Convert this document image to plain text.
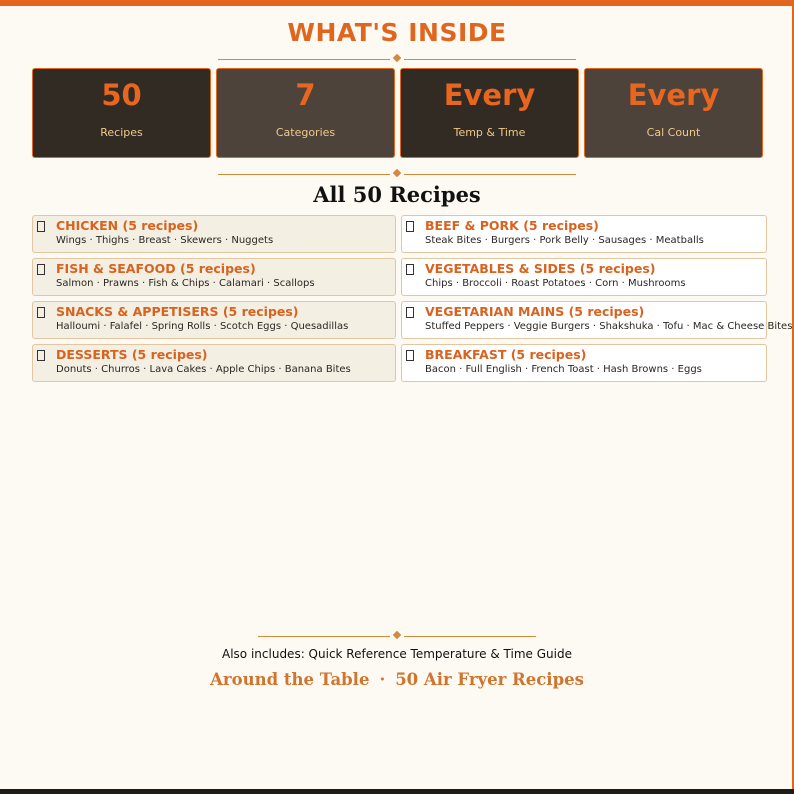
WHAT'S INSIDE
50
Recipes
7
Categories
Every
Temp & Time
Every
Cal Count
All 50 Recipes
CHICKEN (5 recipes)
Wings · Thighs · Breast · Skewers · Nuggets
BEEF & PORK (5 recipes)
Steak Bites · Burgers · Pork Belly · Sausages · Meatballs
FISH & SEAFOOD (5 recipes)
Salmon · Prawns · Fish & Chips · Calamari · Scallops
VEGETABLES & SIDES (5 recipes)
Chips · Broccoli · Roast Potatoes · Corn · Mushrooms
SNACKS & APPETISERS (5 recipes)
Halloumi · Falafel · Spring Rolls · Scotch Eggs · Quesadillas
VEGETARIAN MAINS (5 recipes)
Stuffed Peppers · Veggie Burgers · Shakshuka · Tofu · Mac & Cheese Bites
DESSERTS (5 recipes)
Donuts · Churros · Lava Cakes · Apple Chips · Banana Bites
BREAKFAST (5 recipes)
Bacon · Full English · French Toast · Hash Browns · Eggs
Also includes: Quick Reference Temperature & Time Guide
Around the Table · 50 Air Fryer Recipes
